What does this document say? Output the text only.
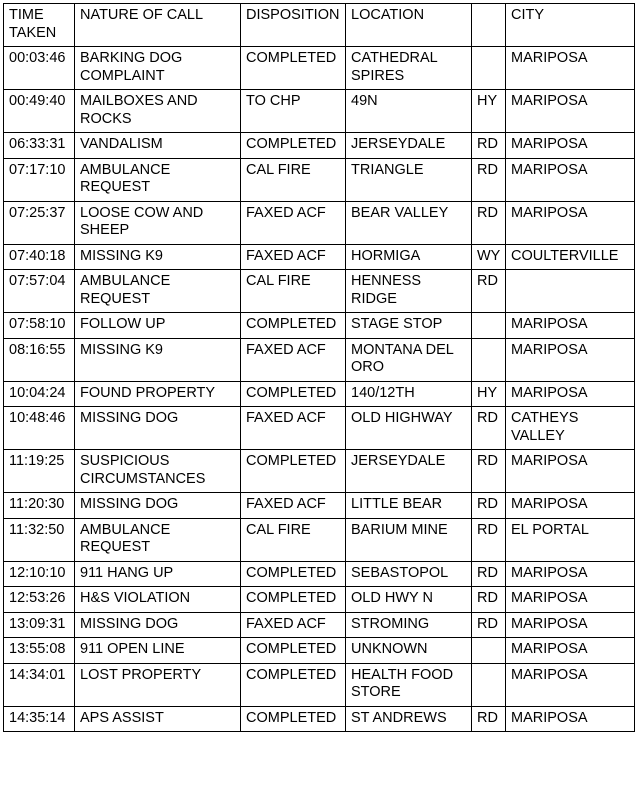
TIME TAKEN	NATURE OF CALL	DISPOSITION	LOCATION		CITY
00:03:46	BARKING DOG COMPLAINT	COMPLETED	CATHEDRAL SPIRES		MARIPOSA
00:49:40	MAILBOXES AND ROCKS	TO CHP	49N	HY	MARIPOSA
06:33:31	VANDALISM	COMPLETED	JERSEYDALE	RD	MARIPOSA
07:17:10	AMBULANCE REQUEST	CAL FIRE	TRIANGLE	RD	MARIPOSA
07:25:37	LOOSE COW AND SHEEP	FAXED ACF	BEAR VALLEY	RD	MARIPOSA
07:40:18	MISSING K9	FAXED ACF	HORMIGA	WY	COULTERVILLE
07:57:04	AMBULANCE REQUEST	CAL FIRE	HENNESS RIDGE	RD	
07:58:10	FOLLOW UP	COMPLETED	STAGE STOP		MARIPOSA
08:16:55	MISSING K9	FAXED ACF	MONTANA DEL ORO		MARIPOSA
10:04:24	FOUND PROPERTY	COMPLETED	140/12TH	HY	MARIPOSA
10:48:46	MISSING DOG	FAXED ACF	OLD HIGHWAY	RD	CATHEYS VALLEY
11:19:25	SUSPICIOUS CIRCUMSTANCES	COMPLETED	JERSEYDALE	RD	MARIPOSA
11:20:30	MISSING DOG	FAXED ACF	LITTLE BEAR	RD	MARIPOSA
11:32:50	AMBULANCE REQUEST	CAL FIRE	BARIUM MINE	RD	EL PORTAL
12:10:10	911 HANG UP	COMPLETED	SEBASTOPOL	RD	MARIPOSA
12:53:26	H&S VIOLATION	COMPLETED	OLD HWY N	RD	MARIPOSA
13:09:31	MISSING DOG	FAXED ACF	STROMING	RD	MARIPOSA
13:55:08	911 OPEN LINE	COMPLETED	UNKNOWN		MARIPOSA
14:34:01	LOST PROPERTY	COMPLETED	HEALTH FOOD STORE		MARIPOSA
14:35:14	APS ASSIST	COMPLETED	ST ANDREWS	RD	MARIPOSA
